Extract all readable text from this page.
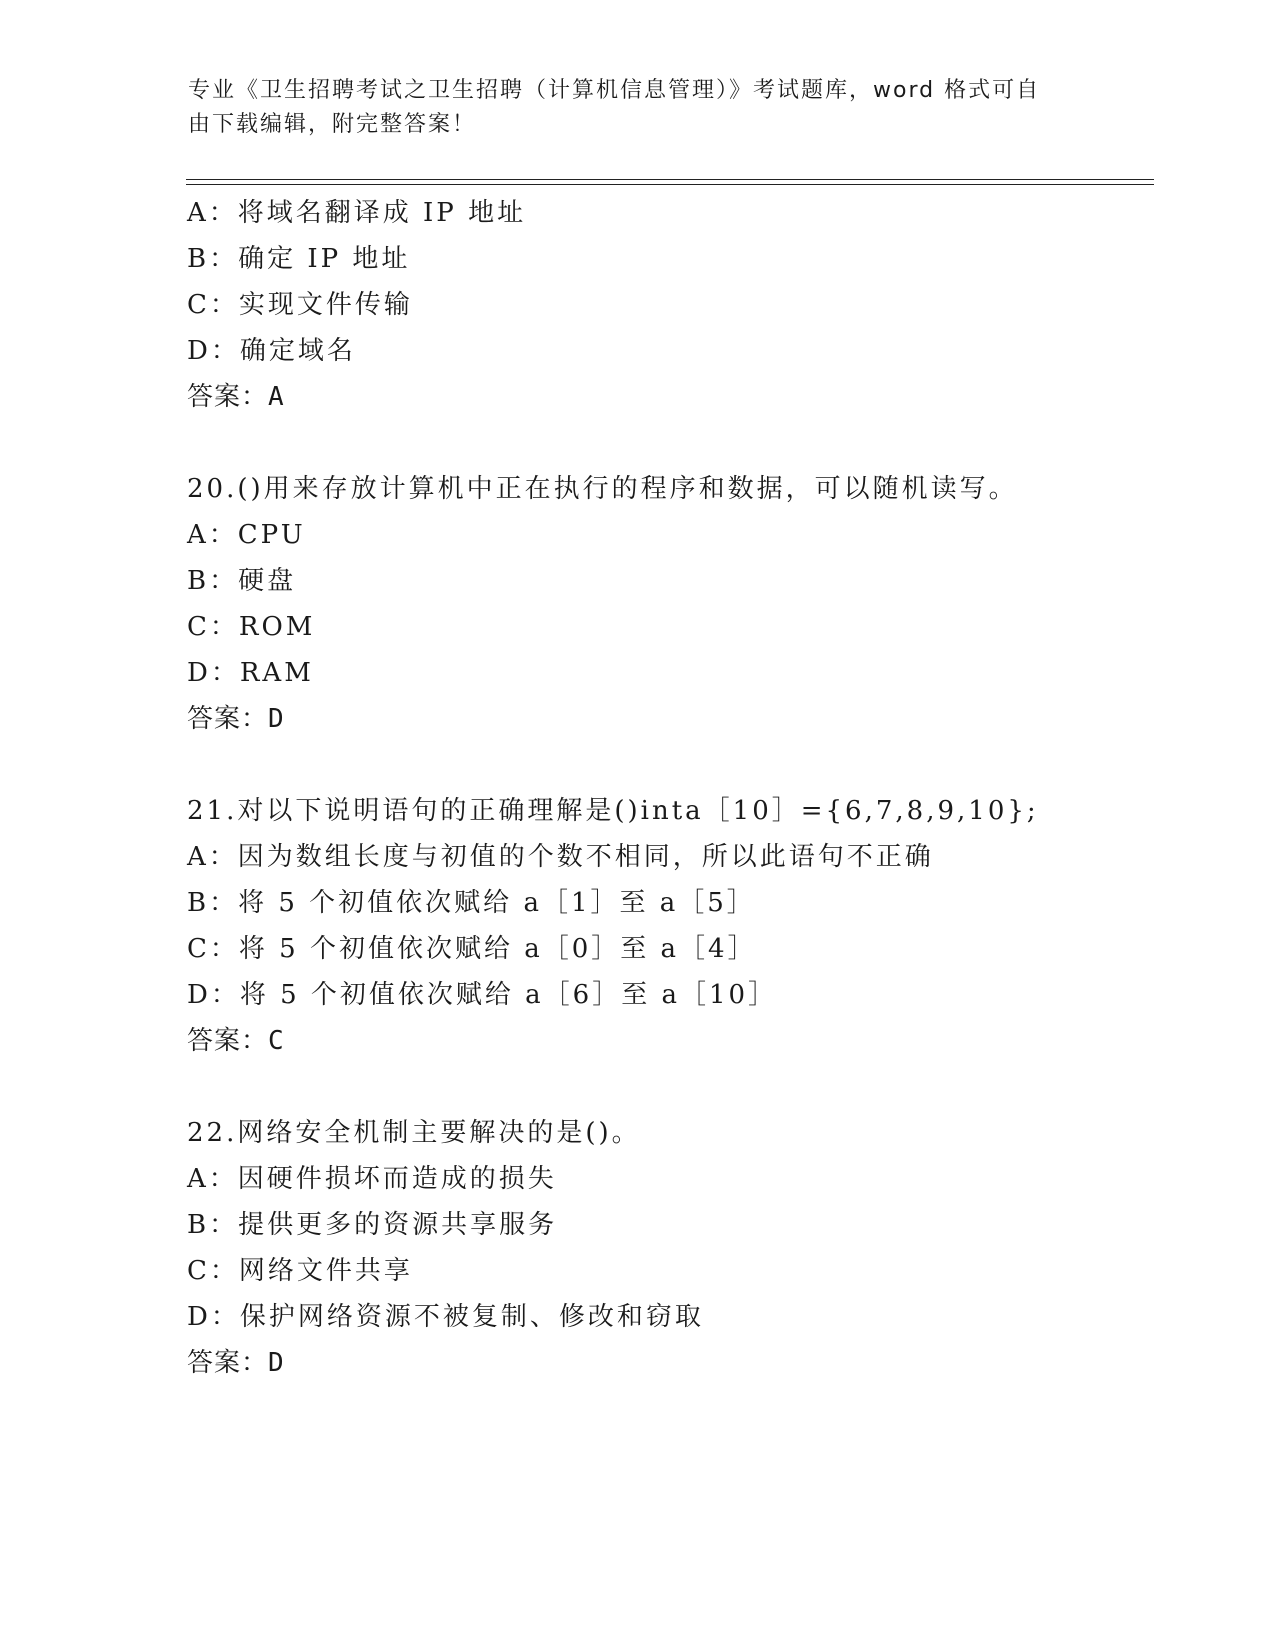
专业《卫生招聘考试之卫生招聘（计算机信息管理）》考试题库，word 格式可自
由下载编辑，附完整答案！
A：将域名翻译成 IP 地址
B：确定 IP 地址
C：实现文件传输
D：确定域名
答案：A
20.()用来存放计算机中正在执行的程序和数据，可以随机读写。
A：CPU
B：硬盘
C：ROM
D：RAM
答案：D
21.对以下说明语句的正确理解是()inta［10］={6,7,8,9,10};
A：因为数组长度与初值的个数不相同，所以此语句不正确
B：将 5 个初值依次赋给 a［1］至 a［5］
C：将 5 个初值依次赋给 a［0］至 a［4］
D：将 5 个初值依次赋给 a［6］至 a［10］
答案：C
22.网络安全机制主要解决的是()。
A：因硬件损坏而造成的损失
B：提供更多的资源共享服务
C：网络文件共享
D：保护网络资源不被复制、修改和窃取
答案：D
